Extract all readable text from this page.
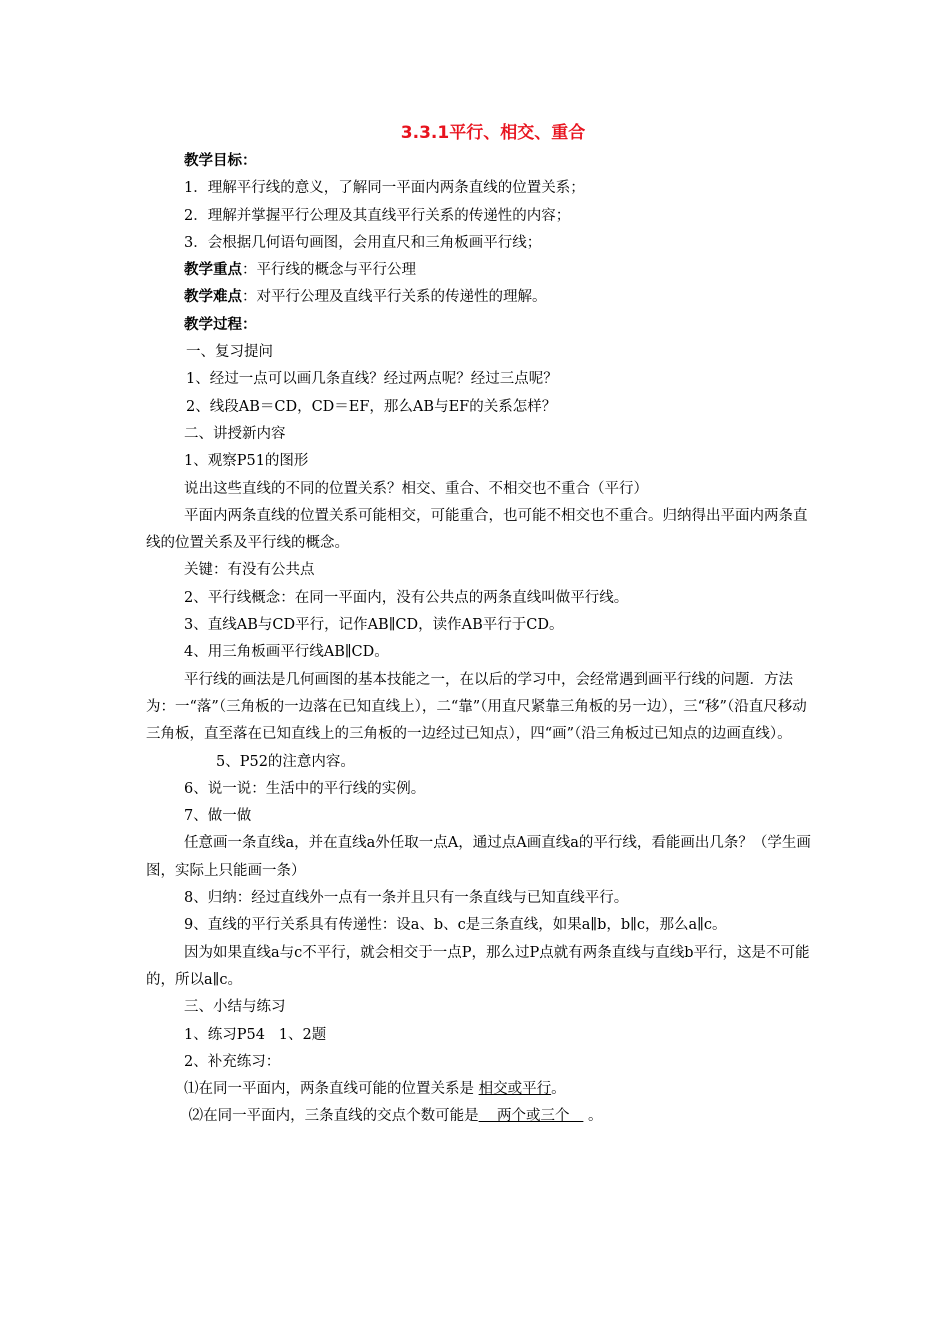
3.3.1平行、相交、重合
教学目标：
1．理解平行线的意义，了解同一平面内两条直线的位置关系；
2．理解并掌握平行公理及其直线平行关系的传递性的内容；
3．会根据几何语句画图，会用直尺和三角板画平行线；
教学重点：平行线的概念与平行公理
教学难点：对平行公理及直线平行关系的传递性的理解。
教学过程：
一、复习提问
1、经过一点可以画几条直线？经过两点呢？经过三点呢？
2、线段AB＝CD，CD＝EF，那么AB与EF的关系怎样？
二、讲授新内容
1、观察P51的图形
说出这些直线的不同的位置关系？相交、重合、不相交也不重合（平行）
平面内两条直线的位置关系可能相交，可能重合，也可能不相交也不重合。归纳得出平面内两条直线的位置关系及平行线的概念。
关键：有没有公共点
2、平行线概念：在同一平面内，没有公共点的两条直线叫做平行线。
3、直线AB与CD平行，记作AB∥CD，读作AB平行于CD。
4、用三角板画平行线AB∥CD。
平行线的画法是几何画图的基本技能之一，在以后的学习中，会经常遇到画平行线的问题．方法为：一“落”（三角板的一边落在已知直线上），二“靠”（用直尺紧靠三角板的另一边），三“移”（沿直尺移动三角板，直至落在已知直线上的三角板的一边经过已知点），四“画”（沿三角板过已知点的边画直线）。
5、P52的注意内容。
6、说一说：生活中的平行线的实例。
7、做一做
任意画一条直线a，并在直线a外任取一点A，通过点A画直线a的平行线，看能画出几条？（学生画图，实际上只能画一条）
8、归纳：经过直线外一点有一条并且只有一条直线与已知直线平行。
9、直线的平行关系具有传递性：设a、b、c是三条直线，如果a∥b，b∥c，那么a∥c。
因为如果直线a与c不平行，就会相交于一点P，那么过P点就有两条直线与直线b平行，这是不可能的，所以a∥c。
三、小结与练习
1、练习P54   1、2题
2、补充练习：
⑴在同一平面内，两条直线可能的位置关系是 相交或平行。
⑵在同一平面内，三条直线的交点个数可能是    两个或三个    。
